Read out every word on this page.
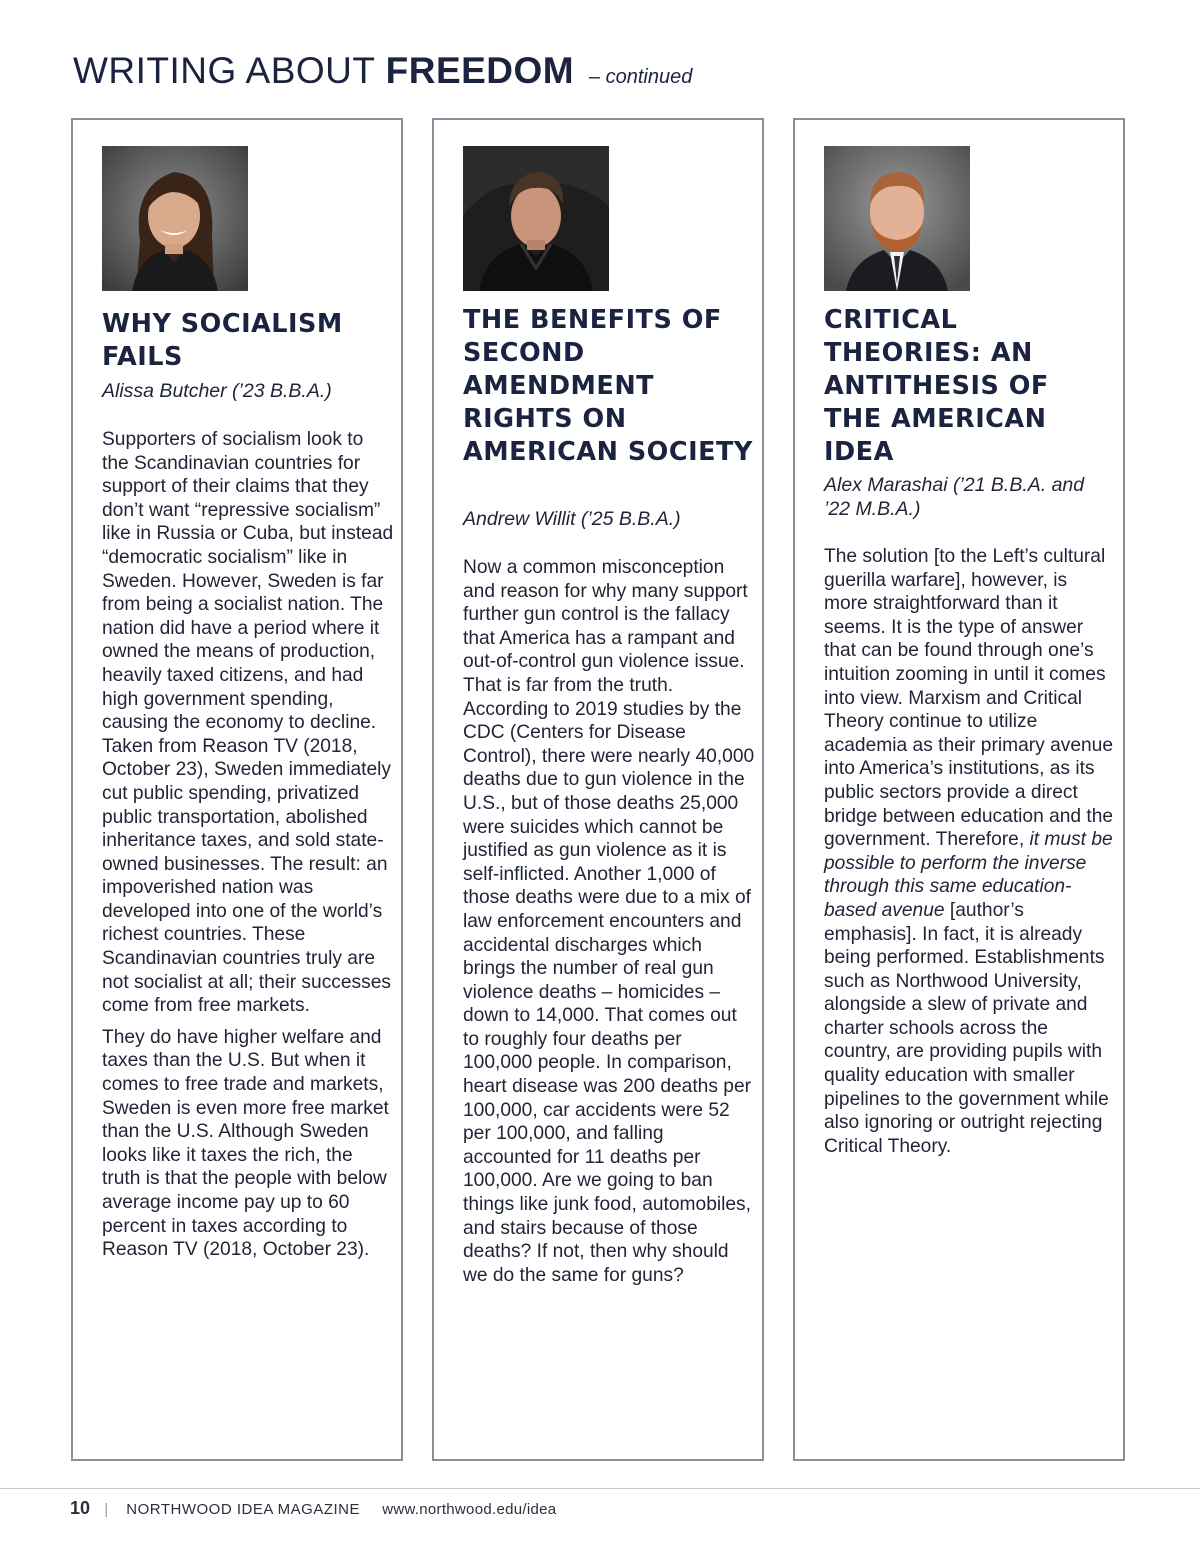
WRITING ABOUT FREEDOM – continued
WHY SOCIALISM FAILS
Alissa Butcher (’23 B.B.A.)

Supporters of socialism look to the Scandinavian countries for support of their claims that they don’t want “repressive socialism” like in Russia or Cuba, but instead “democratic socialism” like in Sweden. However, Sweden is far from being a socialist nation. The nation did have a period where it owned the means of production, heavily taxed citizens, and had high government spending, causing the economy to decline. Taken from Reason TV (2018, October 23), Sweden immediately cut public spending, privatized public transportation, abolished inheritance taxes, and sold state-owned businesses. The result: an impoverished nation was developed into one of the world’s richest countries. These Scandinavian countries truly are not socialist at all; their successes come from free markets.

They do have higher welfare and taxes than the U.S. But when it comes to free trade and markets, Sweden is even more free market than the U.S. Although Sweden looks like it taxes the rich, the truth is that the people with below average income pay up to 60 percent in taxes according to Reason TV (2018, October 23).

THE BENEFITS OF SECOND AMENDMENT RIGHTS ON AMERICAN SOCIETY
Andrew Willit (’25 B.B.A.)

Now a common misconception and reason for why many support further gun control is the fallacy that America has a rampant and out-of-control gun violence issue. That is far from the truth. According to 2019 studies by the CDC (Centers for Disease Control), there were nearly 40,000 deaths due to gun violence in the U.S., but of those deaths 25,000 were suicides which cannot be justified as gun violence as it is self-inflicted. Another 1,000 of those deaths were due to a mix of law enforcement encounters and accidental discharges which brings the number of real gun violence deaths – homicides – down to 14,000. That comes out to roughly four deaths per 100,000 people. In comparison, heart disease was 200 deaths per 100,000, car accidents were 52 per 100,000, and falling accounted for 11 deaths per 100,000. Are we going to ban things like junk food, automobiles, and stairs because of those deaths? If not, then why should we do the same for guns?

CRITICAL THEORIES: AN ANTITHESIS OF THE AMERICAN IDEA
Alex Marashai (’21 B.B.A. and ’22 M.B.A.)

The solution [to the Left’s cultural guerilla warfare], however, is more straightforward than it seems. It is the type of answer that can be found through one’s intuition zooming in until it comes into view. Marxism and Critical Theory continue to utilize academia as their primary avenue into America’s institutions, as its public sectors provide a direct bridge between education and the government. Therefore, it must be possible to perform the inverse through this same education-based avenue [author’s emphasis]. In fact, it is already being performed. Establishments such as Northwood University, alongside a slew of private and charter schools across the country, are providing pupils with quality education with smaller pipelines to the government while also ignoring or outright rejecting Critical Theory.

10 | NORTHWOOD IDEA MAGAZINE www.northwood.edu/idea
